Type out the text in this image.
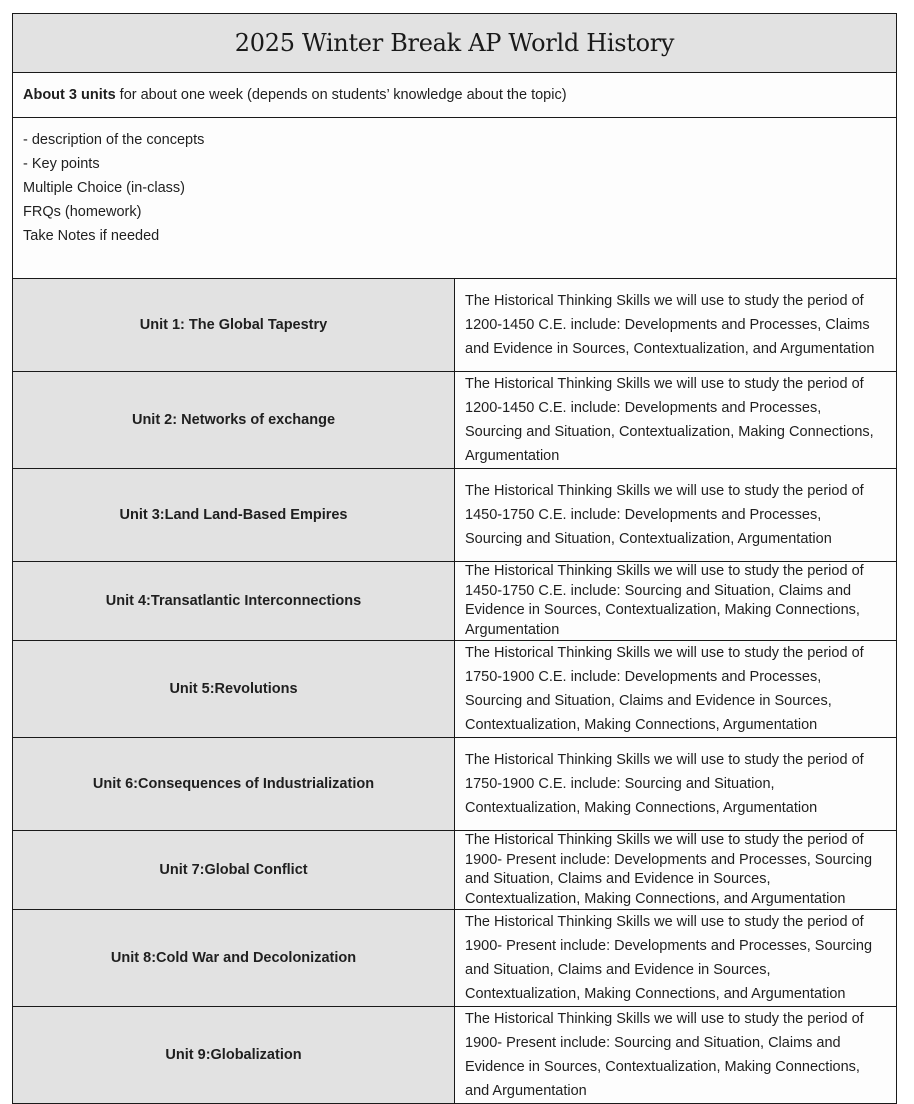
2025 Winter Break AP World History	
About 3 units for about one week (depends on students’ knowledge about the topic)	

- description of the concepts
- Key points
Multiple Choice (in-class)
FRQs (homework)
Take Notes if needed	

Unit 1: The Global Tapestry	The Historical Thinking Skills we will use to study the period of 1200-1450 C.E. include: Developments and Processes, Claims and Evidence in Sources, Contextualization, and Argumentation
Unit 2: Networks of exchange	The Historical Thinking Skills we will use to study the period of 1200-1450 C.E. include: Developments and Processes, Sourcing and Situation, Contextualization, Making Connections, Argumentation
Unit 3:Land Land-Based Empires	The Historical Thinking Skills we will use to study the period of 1450-1750 C.E. include: Developments and Processes, Sourcing and Situation, Contextualization, Argumentation
Unit 4:Transatlantic Interconnections	The Historical Thinking Skills we will use to study the period of 1450-1750 C.E. include: Sourcing and Situation, Claims and Evidence in Sources, Contextualization, Making Connections, Argumentation
Unit 5:Revolutions	The Historical Thinking Skills we will use to study the period of 1750-1900 C.E. include: Developments and Processes, Sourcing and Situation, Claims and Evidence in Sources, Contextualization, Making Connections, Argumentation
Unit 6:Consequences of Industrialization	The Historical Thinking Skills we will use to study the period of 1750-1900 C.E. include: Sourcing and Situation, Contextualization, Making Connections, Argumentation
Unit 7:Global Conflict	The Historical Thinking Skills we will use to study the period of 1900- Present include: Developments and Processes, Sourcing and Situation, Claims and Evidence in Sources, Contextualization, Making Connections, and Argumentation
Unit 8:Cold War and Decolonization	The Historical Thinking Skills we will use to study the period of 1900- Present include: Developments and Processes, Sourcing and Situation, Claims and Evidence in Sources, Contextualization, Making Connections, and Argumentation
Unit 9:Globalization	The Historical Thinking Skills we will use to study the period of 1900- Present include: Sourcing and Situation, Claims and Evidence in Sources, Contextualization, Making Connections, and Argumentation
